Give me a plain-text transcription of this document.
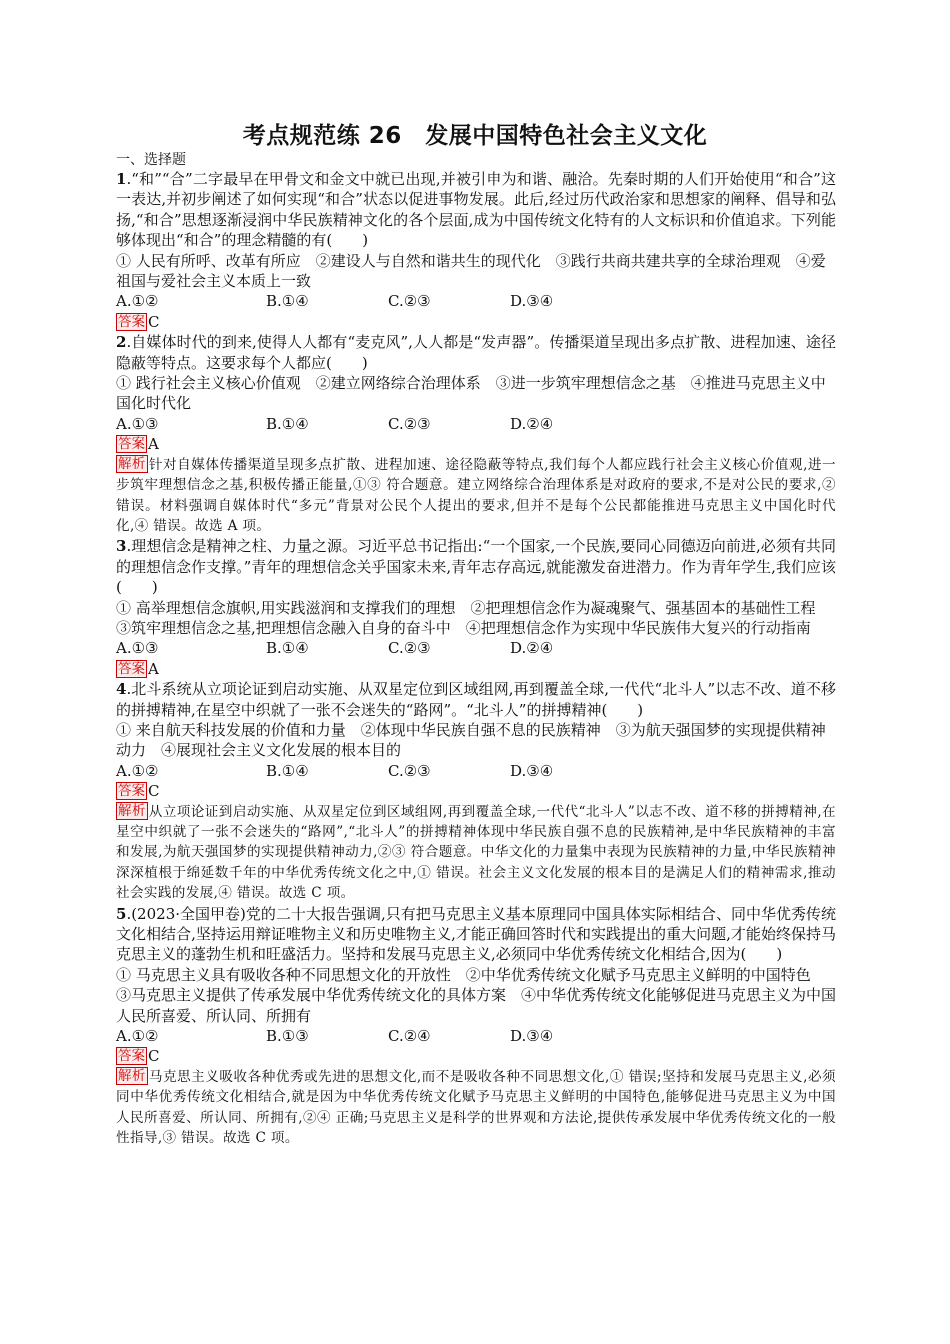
考点规范练 26　发展中国特色社会主义文化
一、选择题

1.“和”“合”二字最早在甲骨文和金文中就已出现,并被引申为和谐、融洽。先秦时期的人们开始使用“和合”这一表达,并初步阐述了如何实现“和合”状态以促进事物发展。此后,经过历代政治家和思想家的阐释、倡导和弘扬,“和合”思想逐渐浸润中华民族精神文化的各个层面,成为中国传统文化特有的人文标识和价值追求。下列能够体现出“和合”的理念精髓的有(　　)

① 人民有所呼、改革有所应　②建设人与自然和谐共生的现代化　③践行共商共建共享的全球治理观　④爱祖国与爱社会主义本质上一致

A.①②	B.①④	C.②③	D.③④
答案 C

2.自媒体时代的到来,使得人人都有“麦克风”,人人都是“发声器”。传播渠道呈现出多点扩散、进程加速、途径隐蔽等特点。这要求每个人都应(　　)

① 践行社会主义核心价值观　②建立网络综合治理体系　③进一步筑牢理想信念之基　④推进马克思主义中国化时代化

A.①③	B.①④	C.②③	D.②④
答案 A

解析 针对自媒体传播渠道呈现多点扩散、进程加速、途径隐蔽等特点,我们每个人都应践行社会主义核心价值观,进一步筑牢理想信念之基,积极传播正能量,①③ 符合题意。建立网络综合治理体系是对政府的要求,不是对公民的要求,② 错误。材料强调自媒体时代“多元”背景对公民个人提出的要求,但并不是每个公民都能推进马克思主义中国化时代化,④ 错误。故选 A 项。

3.理想信念是精神之柱、力量之源。习近平总书记指出:“一个国家,一个民族,要同心同德迈向前进,必须有共同的理想信念作支撑。”青年的理想信念关乎国家未来,青年志存高远,就能激发奋进潜力。作为青年学生,我们应该(　　)

① 高举理想信念旗帜,用实践滋润和支撑我们的理想　②把理想信念作为凝魂聚气、强基固本的基础性工程　③筑牢理想信念之基,把理想信念融入自身的奋斗中　④把理想信念作为实现中华民族伟大复兴的行动指南

A.①③	B.①④	C.②③	D.②④
答案 A

4.北斗系统从立项论证到启动实施、从双星定位到区域组网,再到覆盖全球,一代代“北斗人”以志不改、道不移的拼搏精神,在星空中织就了一张不会迷失的“路网”。“北斗人”的拼搏精神(　　)

① 来自航天科技发展的价值和力量　②体现中华民族自强不息的民族精神　③为航天强国梦的实现提供精神动力　④展现社会主义文化发展的根本目的

A.①②	B.①④	C.②③	D.③④
答案 C

解析 从立项论证到启动实施、从双星定位到区域组网,再到覆盖全球,一代代“北斗人”以志不改、道不移的拼搏精神,在星空中织就了一张不会迷失的“路网”,“北斗人”的拼搏精神体现中华民族自强不息的民族精神,是中华民族精神的丰富和发展,为航天强国梦的实现提供精神动力,②③ 符合题意。中华文化的力量集中表现为民族精神的力量,中华民族精神深深植根于绵延数千年的中华优秀传统文化之中,① 错误。社会主义文化发展的根本目的是满足人们的精神需求,推动社会实践的发展,④ 错误。故选 C 项。

5.(2023·全国甲卷)党的二十大报告强调,只有把马克思主义基本原理同中国具体实际相结合、同中华优秀传统文化相结合,坚持运用辩证唯物主义和历史唯物主义,才能正确回答时代和实践提出的重大问题,才能始终保持马克思主义的蓬勃生机和旺盛活力。坚持和发展马克思主义,必须同中华优秀传统文化相结合,因为(　　)

① 马克思主义具有吸收各种不同思想文化的开放性　②中华优秀传统文化赋予马克思主义鲜明的中国特色　③马克思主义提供了传承发展中华优秀传统文化的具体方案　④中华优秀传统文化能够促进马克思主义为中国人民所喜爱、所认同、所拥有

A.①②	B.①③	C.②④	D.③④
答案 C

解析 马克思主义吸收各种优秀或先进的思想文化,而不是吸收各种不同思想文化,① 错误;坚持和发展马克思主义,必须同中华优秀传统文化相结合,就是因为中华优秀传统文化赋予马克思主义鲜明的中国特色,能够促进马克思主义为中国人民所喜爱、所认同、所拥有,②④ 正确;马克思主义是科学的世界观和方法论,提供传承发展中华优秀传统文化的一般性指导,③ 错误。故选 C 项。
